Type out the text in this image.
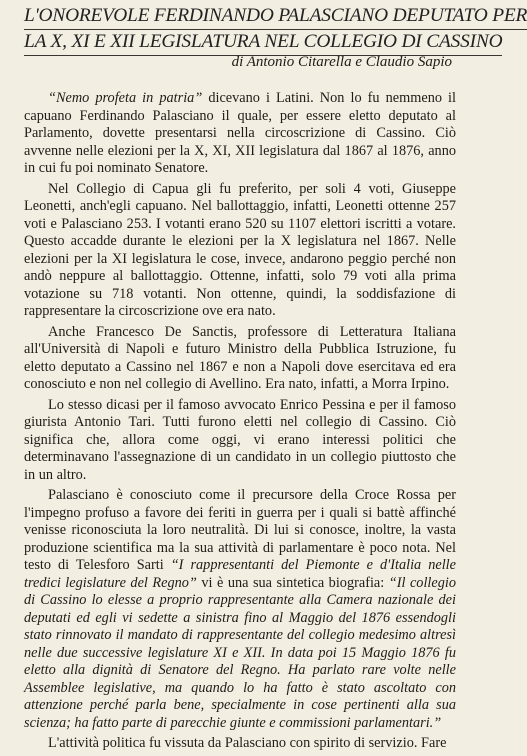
L'ONOREVOLE FERDINANDO PALASCIANO DEPUTATO PER
LA X, XI E XII LEGISLATURA NEL COLLEGIO DI CASSINO
di Antonio Citarella e Claudio Sapio

“Nemo profeta in patria” dicevano i Latini. Non lo fu nemmeno il capuano Ferdinando Palasciano il quale, per essere eletto deputato al Parlamento, dovette presentarsi nella circoscrizione di Cassino. Ciò avvenne nelle elezioni per la X, XI, XII legislatura dal 1867 al 1876, anno in cui fu poi nominato Senatore.

Nel Collegio di Capua gli fu preferito, per soli 4 voti, Giuseppe Leonetti, anch'egli capuano. Nel ballottaggio, infatti, Leonetti ottenne 257 voti e Palasciano 253. I votanti erano 520 su 1107 elettori iscritti a votare. Questo accadde durante le elezioni per la X legislatura nel 1867. Nelle elezioni per la XI legislatura le cose, invece, andarono peggio perché non andò neppure al ballottaggio. Ottenne, infatti, solo 79 voti alla prima votazione su 718 votanti. Non ottenne, quindi, la soddisfazione di rappresentare la circoscrizione ove era nato.

Anche Francesco De Sanctis, professore di Letteratura Italiana all'Università di Napoli e futuro Ministro della Pubblica Istruzione, fu eletto deputato a Cassino nel 1867 e non a Napoli dove esercitava ed era conosciuto e non nel collegio di Avellino. Era nato, infatti, a Morra Irpino.

Lo stesso dicasi per il famoso avvocato Enrico Pessina e per il famoso giurista Antonio Tari. Tutti furono eletti nel collegio di Cassino. Ciò significa che, allora come oggi, vi erano interessi politici che determinavano l'assegnazione di un candidato in un collegio piuttosto che in un altro.

Palasciano è conosciuto come il precursore della Croce Rossa per l'impegno profuso a favore dei feriti in guerra per i quali si battè affinché venisse riconosciuta la loro neutralità. Di lui si conosce, inoltre, la vasta produzione scientifica ma la sua attività di parlamentare è poco nota. Nel testo di Telesforo Sarti “I rappresentanti del Piemonte e d'Italia nelle tredici legislature del Regno” vi è una sua sintetica biografia: “Il collegio di Cassino lo elesse a proprio rappresentante alla Camera nazionale dei deputati ed egli vi sedette a sinistra fino al Maggio del 1876 essendogli stato rinnovato il mandato di rappresentante del collegio medesimo altresì nelle due successive legislature XI e XII. In data poi 15 Maggio 1876 fu eletto alla dignità di Senatore del Regno. Ha parlato rare volte nelle Assemblee legislative, ma quando lo ha fatto è stato ascoltato con attenzione perché parla bene, specialmente in cose pertinenti alla sua scienza; ha fatto parte di parecchie giunte e commissioni parlamentari.”

L'attività politica fu vissuta da Palasciano con spirito di servizio. Fare
